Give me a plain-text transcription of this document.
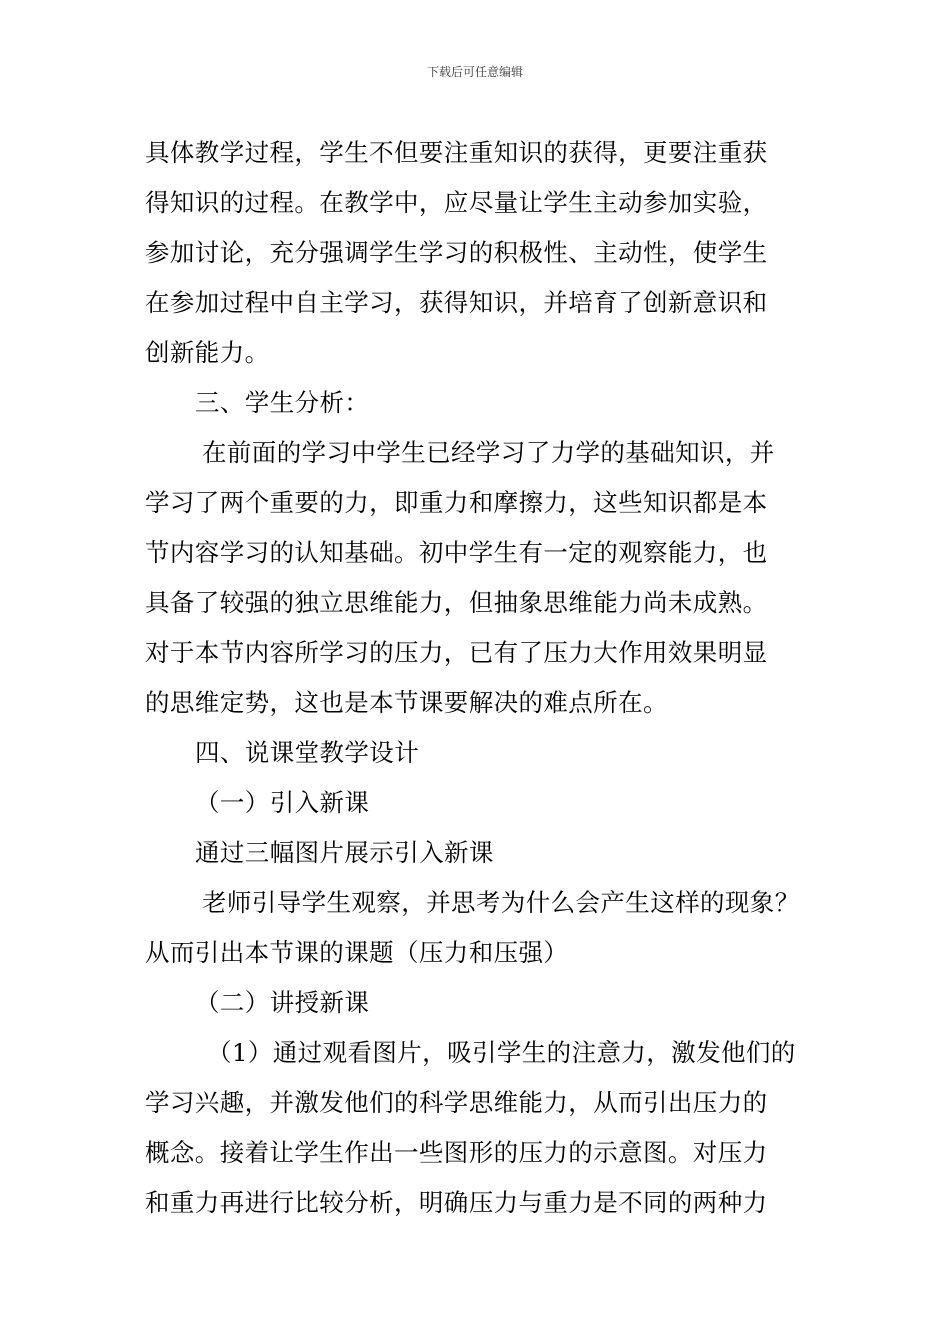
下载后可任意编辑
具体教学过程，学生不但要注重知识的获得，更要注重获
得知识的过程。在教学中，应尽量让学生主动参加实验，
参加讨论，充分强调学生学习的积极性、主动性，使学生
在参加过程中自主学习，获得知识，并培育了创新意识和
创新能力。
三、学生分析：
在前面的学习中学生已经学习了力学的基础知识，并
学习了两个重要的力，即重力和摩擦力，这些知识都是本
节内容学习的认知基础。初中学生有一定的观察能力，也
具备了较强的独立思维能力，但抽象思维能力尚未成熟。
对于本节内容所学习的压力，已有了压力大作用效果明显
的思维定势，这也是本节课要解决的难点所在。
四、说课堂教学设计
（一）引入新课
通过三幅图片展示引入新课
老师引导学生观察，并思考为什么会产生这样的现象？
从而引出本节课的课题（压力和压强）
（二）讲授新课
（1）通过观看图片，吸引学生的注意力，激发他们的
学习兴趣，并激发他们的科学思维能力，从而引出压力的
概念。接着让学生作出一些图形的压力的示意图。对压力
和重力再进行比较分析，明确压力与重力是不同的两种力
